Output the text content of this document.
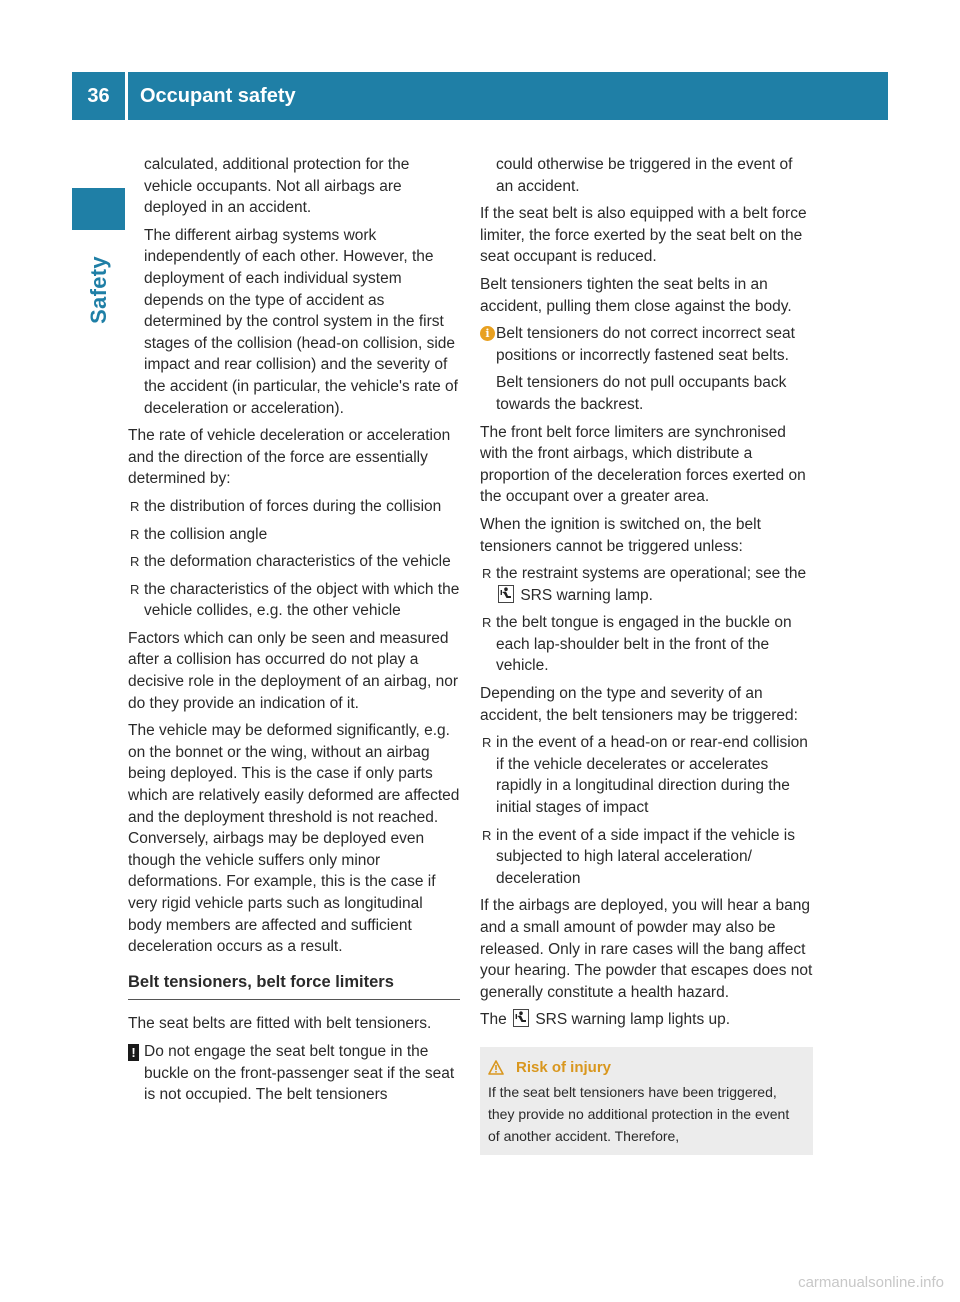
36	Occupant safety
Safety

calculated, additional protection for the vehicle occupants. Not all airbags are deployed in an accident.

The different airbag systems work independently of each other. However, the deployment of each individual system depends on the type of accident as determined by the control system in the first stages of the collision (head-on collision, side impact and rear collision) and the severity of the accident (in particular, the vehicle's rate of deceleration or acceleration).

The rate of vehicle deceleration or acceleration and the direction of the force are essentially determined by:

R the distribution of forces during the collision
R the collision angle
R the deformation characteristics of the vehicle
R the characteristics of the object with which the vehicle collides, e.g. the other vehicle

Factors which can only be seen and measured after a collision has occurred do not play a decisive role in the deployment of an airbag, nor do they provide an indication of it.

The vehicle may be deformed significantly, e.g. on the bonnet or the wing, without an airbag being deployed. This is the case if only parts which are relatively easily deformed are affected and the deployment threshold is not reached. Conversely, airbags may be deployed even though the vehicle suffers only minor deformations. For example, this is the case if very rigid vehicle parts such as longitudinal body members are affected and sufficient deceleration occurs as a result.

Belt tensioners, belt force limiters

The seat belts are fitted with belt tensioners.

! Do not engage the seat belt tongue in the buckle on the front-passenger seat if the seat is not occupied. The belt tensioners

could otherwise be triggered in the event of an accident.

If the seat belt is also equipped with a belt force limiter, the force exerted by the seat belt on the seat occupant is reduced.

Belt tensioners tighten the seat belts in an accident, pulling them close against the body.

i Belt tensioners do not correct incorrect seat positions or incorrectly fastened seat belts.

Belt tensioners do not pull occupants back towards the backrest.

The front belt force limiters are synchronised with the front airbags, which distribute a proportion of the deceleration forces exerted on the occupant over a greater area.

When the ignition is switched on, the belt tensioners cannot be triggered unless:

R the restraint systems are operational; see the
SRS warning lamp.
R the belt tongue is engaged in the buckle on each lap-shoulder belt in the front of the vehicle.

Depending on the type and severity of an accident, the belt tensioners may be triggered:

R in the event of a head-on or rear-end collision if the vehicle decelerates or accelerates rapidly in a longitudinal direction during the initial stages of impact
R in the event of a side impact if the vehicle is subjected to high lateral acceleration/ deceleration

If the airbags are deployed, you will hear a bang and a small amount of powder may also be released. Only in rare cases will the bang affect your hearing. The powder that escapes does not generally constitute a health hazard.

The SRS warning lamp lights up.

Risk of injury
If the seat belt tensioners have been triggered, they provide no additional protection in the event of another accident. Therefore,
carmanualsonline.info
